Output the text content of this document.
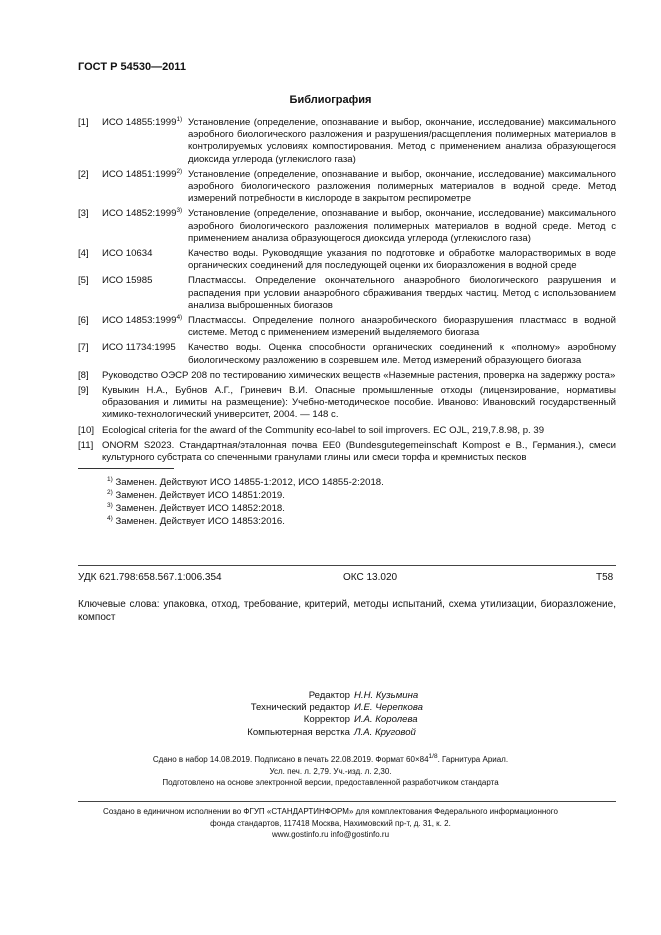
ГОСТ Р 54530—2011
Библиография
[1]	ИСО 14855:1999$^{1)}$ Установление (определение, опознавание и выбор, окончание, исследование) максимального аэробного биологического разложения и разрушения/расщепления полимерных материалов в контролируемых условиях компостирования. Метод с применением анализа образующегося диоксида углерода (углекислого газа)
[2]	ИСО 14851:1999$^{2)}$ Установление (определение, опознавание и выбор, окончание, исследование) максимального аэробного биологического разложения полимерных материалов в водной среде. Метод измерений потребности в кислороде в закрытом респирометре
[3]	ИСО 14852:1999$^{3)}$ Установление (определение, опознавание и выбор, окончание, исследование) максимального аэробного биологического разложения полимерных материалов в водной среде. Метод с применением анализа образующегося диоксида углерода (углекислого газа)
[4]	ИСО 10634	Качество воды. Руководящие указания по подготовке и обработке малорастворимых в воде органических соединений для последующей оценки их биоразложения в водной среде
[5]	ИСО 15985	Пластмассы. Определение окончательного анаэробного биологического разрушения и распадения при условии анаэробного сбраживания твердых частиц. Метод с использованием анализа выброшенных биогазов
[6]	ИСО 14853:1999$^{4)}$ Пластмассы. Определение полного анаэробического биоразрушения пластмасс в водной системе. Метод с применением измерений выделяемого биогаза
[7]	ИСО 11734:1995	Качество воды. Оценка способности органических соединений к «полному» аэробному биологическому разложению в созревшем иле. Метод измерений образующего биогаза
[8]	Руководство ОЭСР 208 по тестированию химических веществ «Наземные растения, проверка на задержку роста»
[9]	Кувыкин Н.А., Бубнов А.Г., Гриневич В.И. Опасные промышленные отходы (лицензирование, нормативы образования и лимиты на размещение): Учебно-методическое пособие. Иваново: Ивановский государственный химико-технологический университет, 2004. — 148 с.
[10] Ecological criteria for the award of the Community eco-label to soil improvers. EC OJL, 219,7.8.98, p. 39
[11] ONORM S2023. Стандартная/эталонная почва EE0 (Bundesgutegemeinschaft Kompost e B., Германия.), смеси культурного субстрата со спеченными гранулами глины или смеси торфа и кремнистых песков
$^{1)}$ Заменен. Действуют ИСО 14855-1:2012, ИСО 14855-2:2018.
$^{2)}$ Заменен. Действует ИСО 14851:2019.
$^{3)}$ Заменен. Действует ИСО 14852:2018.
$^{4)}$ Заменен. Действует ИСО 14853:2016.
УДК 621.798:658.567.1:006.354	ОКС 13.020	Т58
Ключевые слова: упаковка, отход, требование, критерий, методы испытаний, схема утилизации, биоразложение, компост
Редактор Н.Н. Кузьмина
Технический редактор И.Е. Черепкова
Корректор И.А. Королева
Компьютерная верстка Л.А. Круговой
Сдано в набор 14.08.2019. Подписано в печать 22.08.2019. Формат $60\times 84^{1/8}$. Гарнитура Ариал.
Усл. печ. л. 2,79. Уч.-изд. л. 2,30.
Подготовлено на основе электронной версии, предоставленной разработчиком стандарта
Создано в единичном исполнении во ФГУП «СТАНДАРТИНФОРМ» для комплектования Федерального информационного
фонда стандартов, 117418 Москва, Нахимовский пр-т, д. 31, к. 2.
www.gostinfo.ru info@gostinfo.ru
